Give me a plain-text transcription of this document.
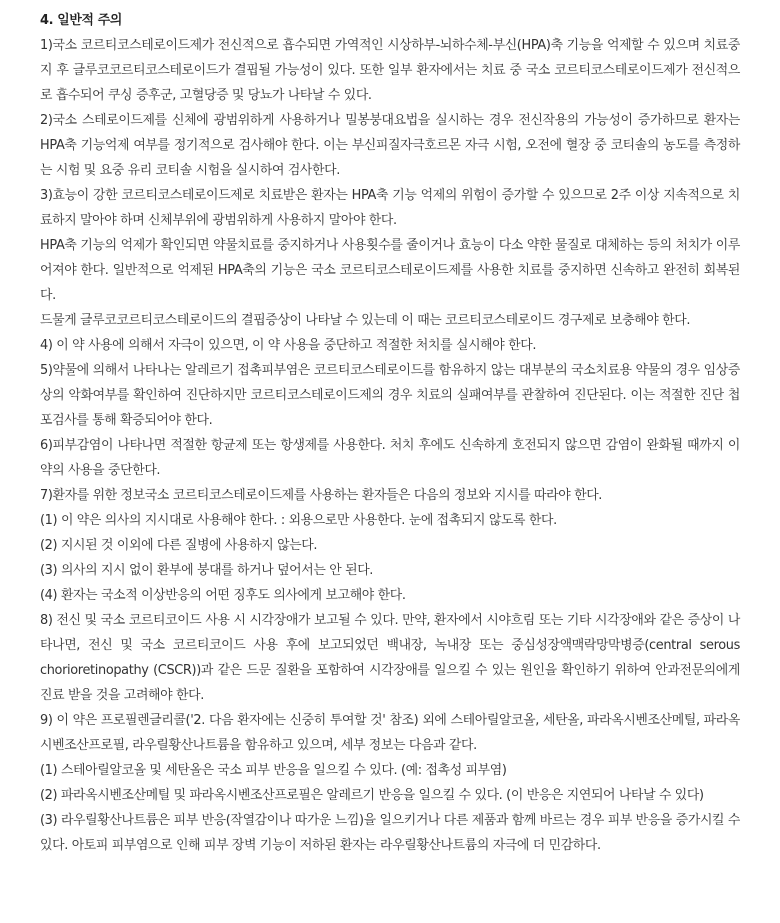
4. 일반적 주의

1)국소 코르티코스테로이드제가 전신적으로 흡수되면 가역적인 시상하부-뇌하수체-부신(HPA)축 기능을 억제할 수 있으며 치료중지 후 글루코코르티코스테로이드가 결핍될 가능성이 있다. 또한 일부 환자에서는 치료 중 국소 코르티코스테로이드제가 전신적으로 흡수되어 쿠싱 증후군, 고혈당증 및 당뇨가 나타날 수 있다.

2)국소 스테로이드제를 신체에 광범위하게 사용하거나 밀봉붕대요법을 실시하는 경우 전신작용의 가능성이 증가하므로 환자는 HPA축 기능억제 여부를 정기적으로 검사해야 한다. 이는 부신피질자극호르몬 자극 시험, 오전에 혈장 중 코티솔의 농도를 측정하는 시험 및 요중 유리 코티솔 시험을 실시하여 검사한다.

3)효능이 강한 코르티코스테로이드제로 치료받은 환자는 HPA축 기능 억제의 위험이 증가할 수 있으므로 2주 이상 지속적으로 치료하지 말아야 하며 신체부위에 광범위하게 사용하지 말아야 한다.

HPA축 기능의 억제가 확인되면 약물치료를 중지하거나 사용횟수를 줄이거나 효능이 다소 약한 물질로 대체하는 등의 처치가 이루어져야 한다. 일반적으로 억제된 HPA축의 기능은 국소 코르티코스테로이드제를 사용한 치료를 중지하면 신속하고 완전히 회복된다.

드물게 글루코코르티코스테로이드의 결핍증상이 나타날 수 있는데 이 때는 코르티코스테로이드 경구제로 보충해야 한다.

4) 이 약 사용에 의해서 자극이 있으면, 이 약 사용을 중단하고 적절한 처치를 실시해야 한다.

5)약물에 의해서 나타나는 알레르기 접촉피부염은 코르티코스테로이드를 함유하지 않는 대부분의 국소치료용 약물의 경우 임상증상의 악화여부를 확인하여 진단하지만 코르티코스테로이드제의 경우 치료의 실패여부를 관찰하여 진단된다. 이는 적절한 진단 첩포검사를 통해 확증되어야 한다.

6)피부감염이 나타나면 적절한 항균제 또는 항생제를 사용한다. 처치 후에도 신속하게 호전되지 않으면 감염이 완화될 때까지 이 약의 사용을 중단한다.

7)환자를 위한 정보국소 코르티코스테로이드제를 사용하는 환자들은 다음의 정보와 지시를 따라야 한다.

(1) 이 약은 의사의 지시대로 사용해야 한다. : 외용으로만 사용한다. 눈에 접촉되지 않도록 한다.

(2) 지시된 것 이외에 다른 질병에 사용하지 않는다.

(3) 의사의 지시 없이 환부에 붕대를 하거나 덮어서는 안 된다.

(4) 환자는 국소적 이상반응의 어떤 징후도 의사에게 보고해야 한다.

8) 전신 및 국소 코르티코이드 사용 시 시각장애가 보고될 수 있다. 만약, 환자에서 시야흐림 또는 기타 시각장애와 같은 증상이 나타나면, 전신 및 국소 코르티코이드 사용 후에 보고되었던 백내장, 녹내장 또는 중심성장액맥락망막병증(central serous chorioretinopathy (CSCR))과 같은 드문 질환을 포함하여 시각장애를 일으킬 수 있는 원인을 확인하기 위하여 안과전문의에게 진료 받을 것을 고려해야 한다.

9) 이 약은 프로필렌글리콜('2. 다음 환자에는 신중히 투여할 것' 참조) 외에 스테아릴알코올, 세탄올, 파라옥시벤조산메틸, 파라옥시벤조산프로필, 라우릴황산나트륨을 함유하고 있으며, 세부 정보는 다음과 같다.

(1) 스테아릴알코올 및 세탄올은 국소 피부 반응을 일으킬 수 있다. (예: 접촉성 피부염)

(2) 파라옥시벤조산메틸 및 파라옥시벤조산프로필은 알레르기 반응을 일으킬 수 있다. (이 반응은 지연되어 나타날 수 있다)

(3) 라우릴황산나트륨은 피부 반응(작열감이나 따가운 느낌)을 일으키거나 다른 제품과 함께 바르는 경우 피부 반응을 증가시킬 수 있다. 아토피 피부염으로 인해 피부 장벽 기능이 저하된 환자는 라우릴황산나트륨의 자극에 더 민감하다.
